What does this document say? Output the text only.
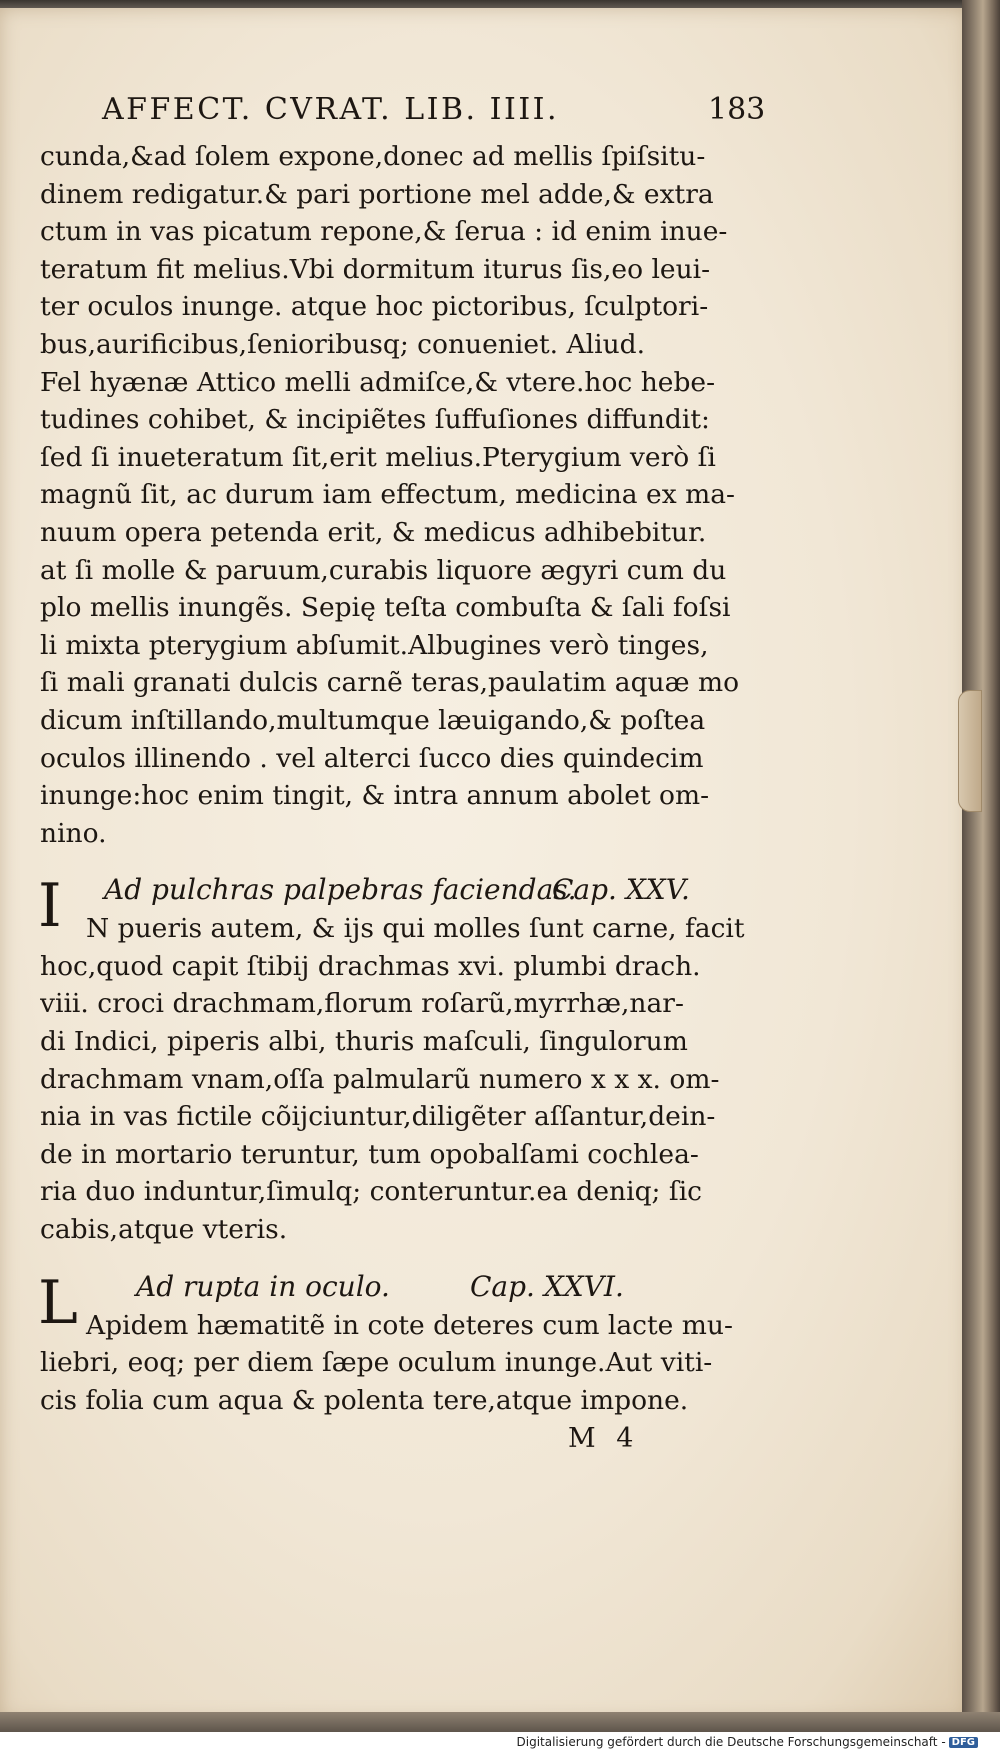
AFFECT. CVRAT. LIB. IIII.	183
cunda,&ad ſolem expone,donec ad mellis ſpiſsitu-
dinem redigatur.& pari portione mel adde,& extra
ctum in vas picatum repone,& ſerua : id enim inue-
teratum fit melius.Vbi dormitum iturus ſis,eo leui-
ter oculos inunge. atque hoc pictoribus, ſculptori-
bus,aurificibus,ſenioribusq; conueniet. Aliud.
Fel hyænæ Attico melli admiſce,& vtere.hoc hebe-
tudines cohibet, & incipiẽtes ſuffuſiones diffundit:
ſed ſi inueteratum ſit,erit melius.Pterygium verò ſi
magnũ ſit, ac durum iam effectum, medicina ex ma-
nuum opera petenda erit, & medicus adhibebitur.
at ſi molle & paruum,curabis liquore ægyri cum du
plo mellis inungẽs. Sepię teſta combuſta & ſali foſsi
li mixta pterygium abſumit.Albugines verò tinges,
ſi mali granati dulcis carnẽ teras,paulatim aquæ mo
dicum inſtillando,multumque læuigando,& poſtea
oculos illinendo . vel alterci ſucco dies quindecim
inunge:hoc enim tingit, & intra annum abolet om-
nino.
I Ad pulchras palpebras faciendas.
Cap. XXV.
N pueris autem, & ijs qui molles ſunt carne, facit
hoc,quod capit ſtibij drachmas xvi. plumbi drach.
viii. croci drachmam,florum roſarũ,myrrhæ,nar-
di Indici, piperis albi, thuris maſculi, ſingulorum
drachmam vnam,oſſa palmularũ numero x x x. om-
nia in vas fictile cõijciuntur,diligẽter aſſantur,dein-
de in mortario teruntur, tum opobalſami cochlea-
ria duo induntur,ſimulq; conteruntur.ea deniq; ſic
cabis,atque vteris.
L Ad rupta in oculo.	Cap. XXVI.
Apidem hæmatitẽ in cote deteres cum lacte mu-
liebri, eoq; per diem ſæpe oculum inunge.Aut viti-
cis folia cum aqua & polenta tere,atque impone.
M 4
Digitalisierung gefördert durch die Deutsche Forschungsgemeinschaft - DFG
